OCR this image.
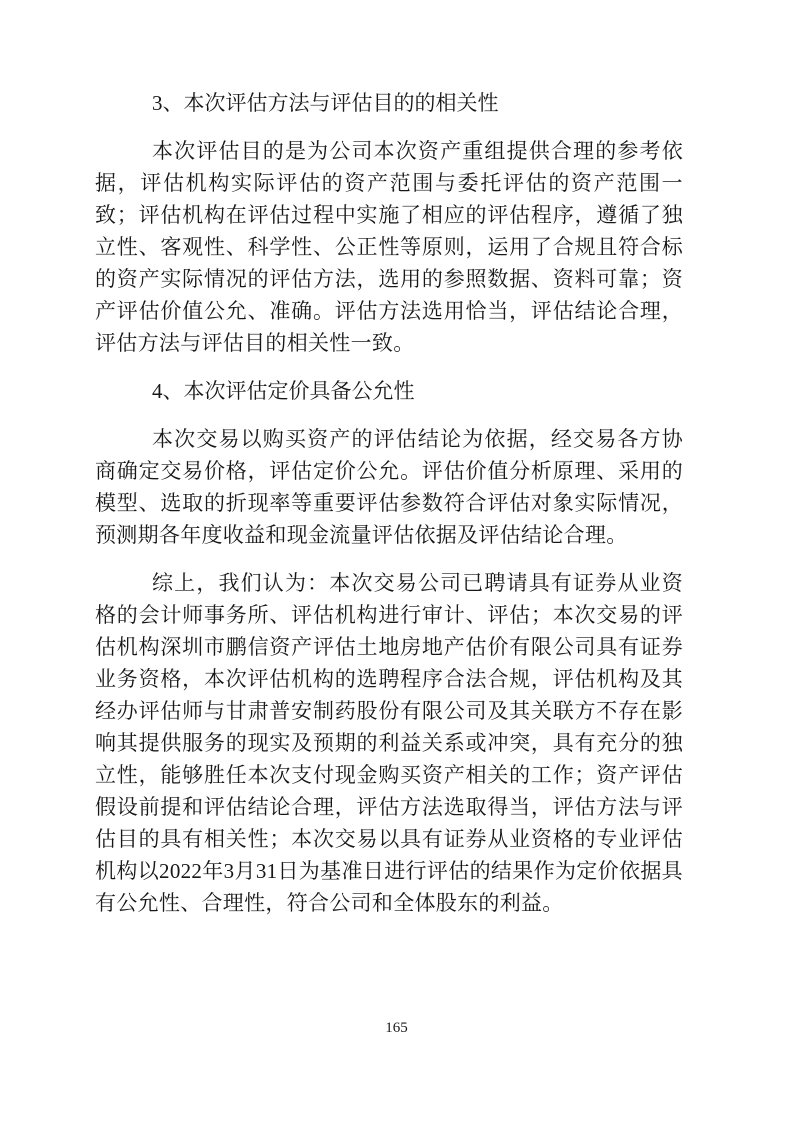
3、本次评估方法与评估目的的相关性

本次评估目的是为公司本次资产重组提供合理的参考依据，评估机构实际评估的资产范围与委托评估的资产范围一致；评估机构在评估过程中实施了相应的评估程序，遵循了独立性、客观性、科学性、公正性等原则，运用了合规且符合标的资产实际情况的评估方法，选用的参照数据、资料可靠；资产评估价值公允、准确。评估方法选用恰当，评估结论合理，评估方法与评估目的相关性一致。

4、本次评估定价具备公允性

本次交易以购买资产的评估结论为依据，经交易各方协商确定交易价格，评估定价公允。评估价值分析原理、采用的模型、选取的折现率等重要评估参数符合评估对象实际情况，预测期各年度收益和现金流量评估依据及评估结论合理。

综上，我们认为：本次交易公司已聘请具有证券从业资格的会计师事务所、评估机构进行审计、评估；本次交易的评估机构深圳市鹏信资产评估土地房地产估价有限公司具有证券业务资格，本次评估机构的选聘程序合法合规，评估机构及其经办评估师与甘肃普安制药股份有限公司及其关联方不存在影响其提供服务的现实及预期的利益关系或冲突，具有充分的独立性，能够胜任本次支付现金购买资产相关的工作；资产评估假设前提和评估结论合理，评估方法选取得当，评估方法与评估目的具有相关性；本次交易以具有证券从业资格的专业评估机构以2022年3月31日为基准日进行评估的结果作为定价依据具有公允性、合理性，符合公司和全体股东的利益。

165
